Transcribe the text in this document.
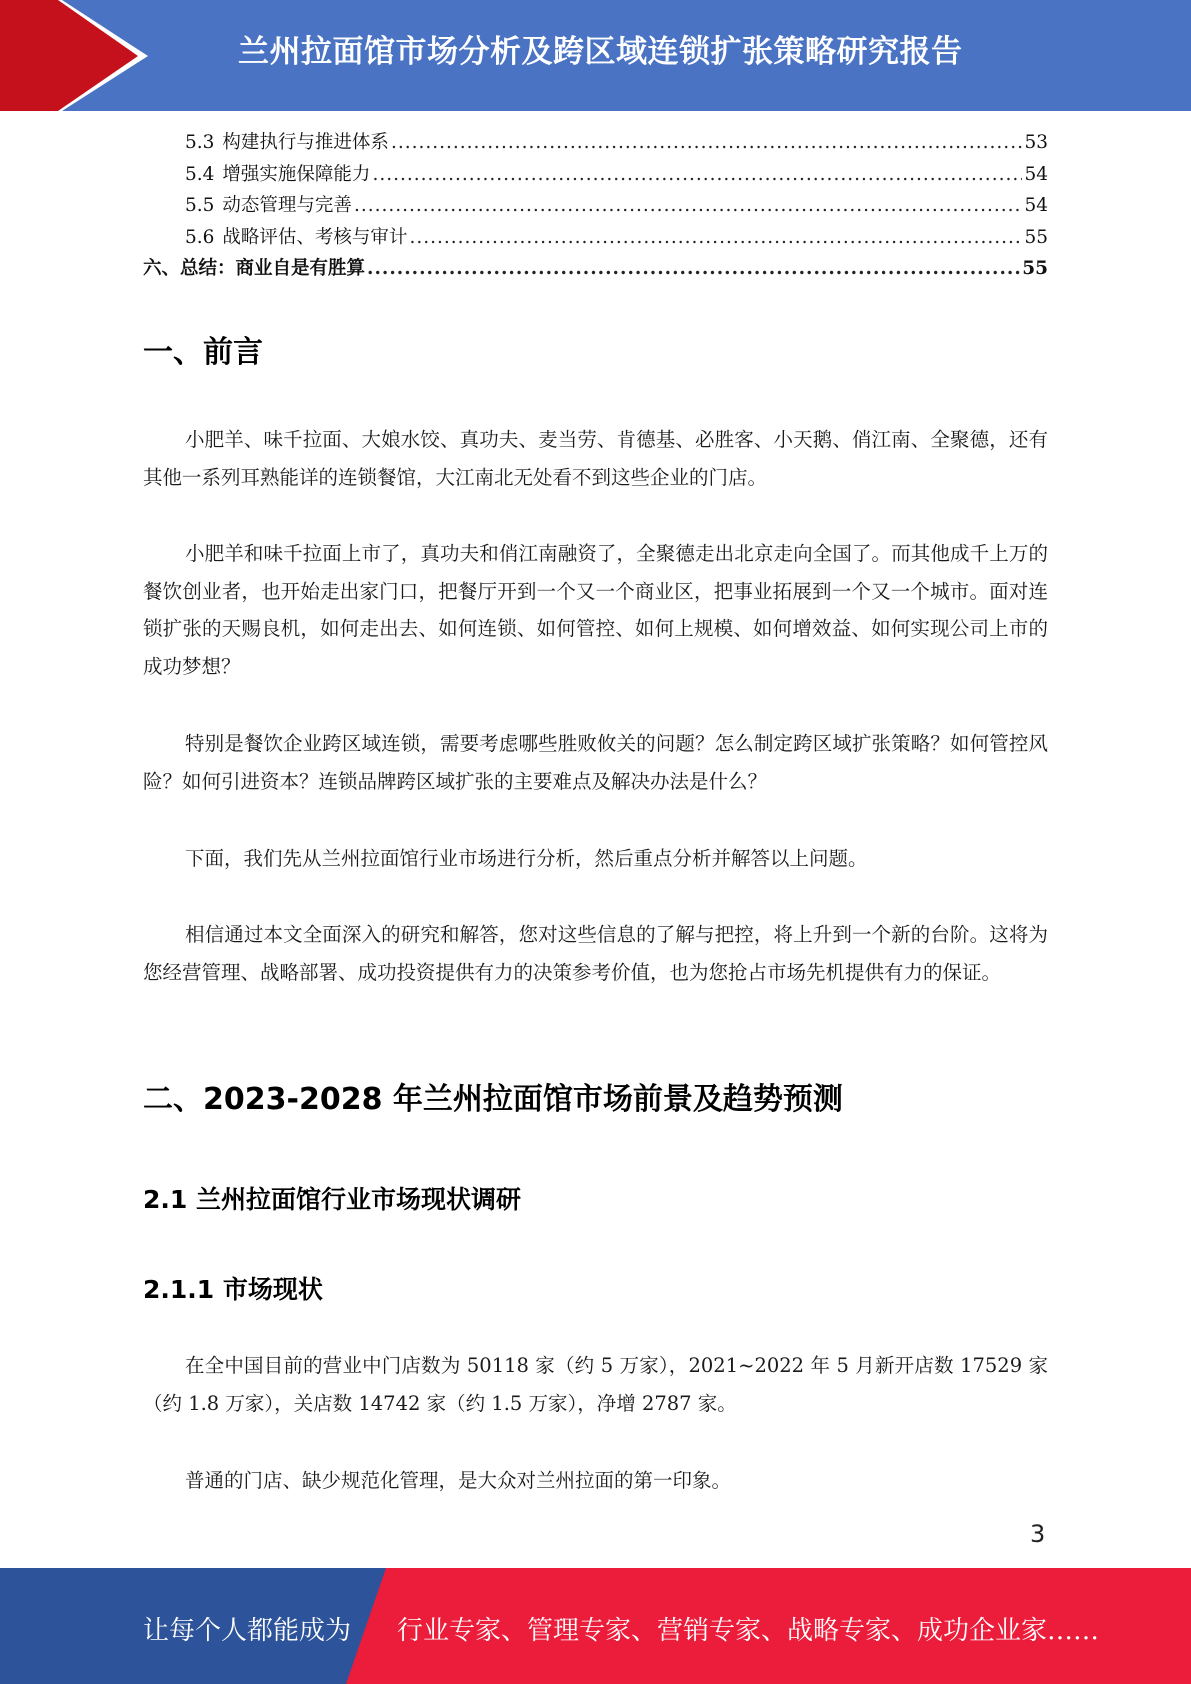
兰州拉面馆市场分析及跨区域连锁扩张策略研究报告
5.3 构建执行与推进体系 .....	53
5.4 增强实施保障能力 .....	54
5.5 动态管理与完善 .....	54
5.6 战略评估、考核与审计 .....	55
六、总结：商业自是有胜算 .....	55
一、前言

小肥羊、味千拉面、大娘水饺、真功夫、麦当劳、肯德基、必胜客、小天鹅、俏江南、全聚德，还有其他一系列耳熟能详的连锁餐馆，大江南北无处看不到这些企业的门店。

小肥羊和味千拉面上市了，真功夫和俏江南融资了，全聚德走出北京走向全国了。而其他成千上万的餐饮创业者，也开始走出家门口，把餐厅开到一个又一个商业区，把事业拓展到一个又一个城市。面对连锁扩张的天赐良机，如何走出去、如何连锁、如何管控、如何上规模、如何增效益、如何实现公司上市的成功梦想？

特别是餐饮企业跨区域连锁，需要考虑哪些胜败攸关的问题？怎么制定跨区域扩张策略？如何管控风险？如何引进资本？连锁品牌跨区域扩张的主要难点及解决办法是什么？

下面，我们先从兰州拉面馆行业市场进行分析，然后重点分析并解答以上问题。

相信通过本文全面深入的研究和解答，您对这些信息的了解与把控，将上升到一个新的台阶。这将为您经营管理、战略部署、成功投资提供有力的决策参考价值，也为您抢占市场先机提供有力的保证。

二、2023-2028 年兰州拉面馆市场前景及趋势预测
2.1 兰州拉面馆行业市场现状调研
2.1.1 市场现状

在全中国目前的营业中门店数为 50118 家（约 5 万家），2021~2022 年 5 月新开店数 17529 家（约 1.8 万家），关店数 14742 家（约 1.5 万家），净增 2787 家。

普通的门店、缺少规范化管理，是大众对兰州拉面的第一印象。

3
让每个人都能成为 行业专家、管理专家、营销专家、战略专家、成功企业家……
